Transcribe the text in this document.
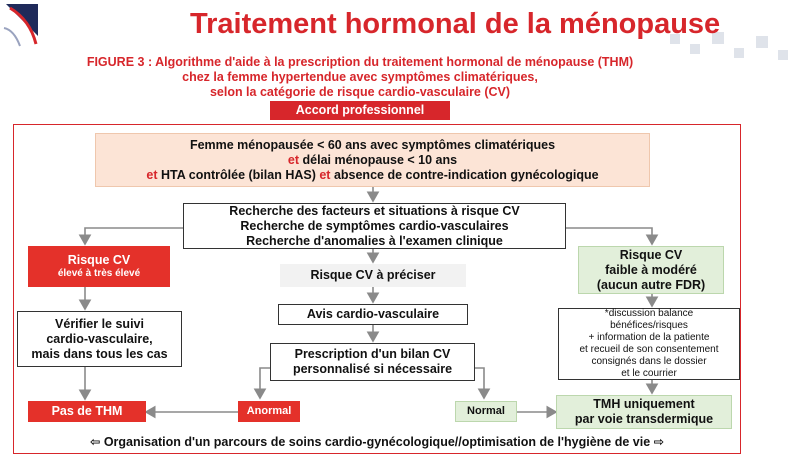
Traitement hormonal de la ménopause
FIGURE 3 : Algorithme d'aide à la prescription du traitement hormonal de ménopause (THM)
chez la femme hypertendue avec symptômes climatériques,
selon la catégorie de risque cardio-vasculaire (CV)
Accord professionnel
Femme ménopausée < 60 ans avec symptômes climatériques
et délai ménopause < 10 ans
et HTA contrôlée (bilan HAS) et absence de contre-indication gynécologique
Recherche des facteurs et situations à risque CV
Recherche de symptômes cardio-vasculaires
Recherche d'anomalies à l'examen clinique
Risque CV
élevé à très élevé	Risque CV à préciser
Risque CV
faible à modéré
(aucun autre FDR)
Vérifier le suivi
cardio-vasculaire,
mais dans tous les cas
Avis cardio-vasculaire
Prescription d'un bilan CV
personnalisé si nécessaire
*discussion balance
bénéfices/risques
+ information de la patiente
et recueil de son consentement
consignés dans le dossier
et le courrier
Pas de THM	Anormal	Normal	TMH uniquement
par voie transdermique
⇦ Organisation d'un parcours de soins cardio-gynécologique//optimisation de l'hygiène de vie ⇨
